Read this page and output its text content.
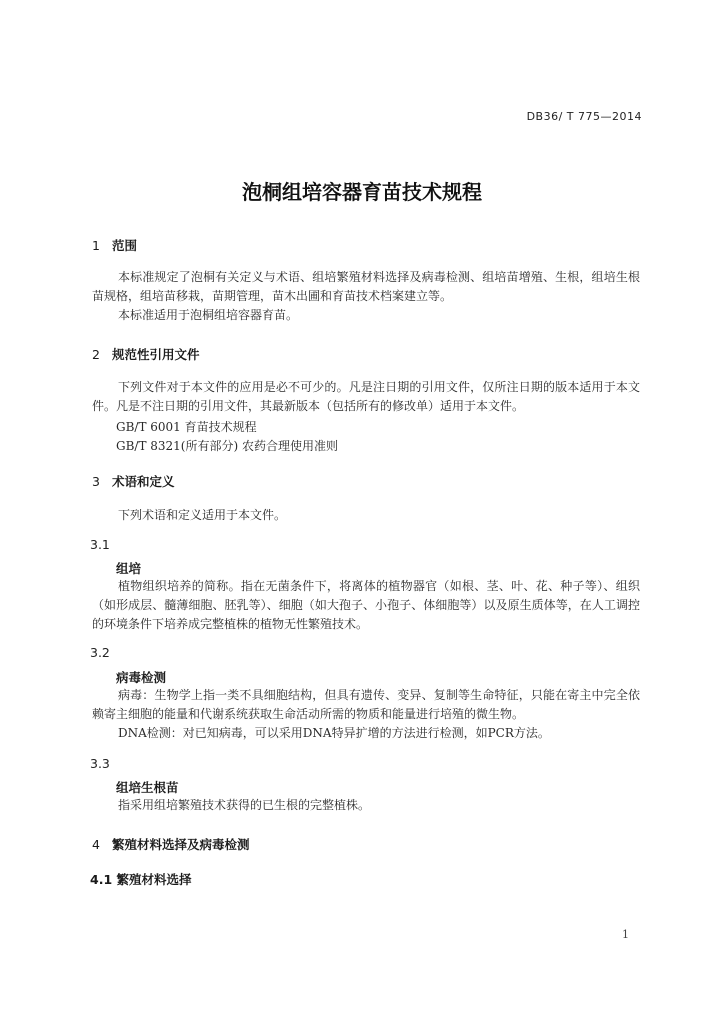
DB36/ T 775—2014
泡桐组培容器育苗技术规程
1 范围

本标准规定了泡桐有关定义与术语、组培繁殖材料选择及病毒检测、组培苗增殖、生根，组培生根苗规格，组培苗移栽，苗期管理，苗木出圃和育苗技术档案建立等。

本标准适用于泡桐组培容器育苗。

2 规范性引用文件

下列文件对于本文件的应用是必不可少的。凡是注日期的引用文件，仅所注日期的版本适用于本文件。凡是不注日期的引用文件，其最新版本（包括所有的修改单）适用于本文件。

GB/T 6001 育苗技术规程
GB/T 8321(所有部分) 农药合理使用准则
3 术语和定义

下列术语和定义适用于本文件。

3.1
组培

植物组织培养的简称。指在无菌条件下，将离体的植物器官（如根、茎、叶、花、种子等）、组织（如形成层、髓薄细胞、胚乳等）、细胞（如大孢子、小孢子、体细胞等）以及原生质体等，在人工调控的环境条件下培养成完整植株的植物无性繁殖技术。

3.2
病毒检测

病毒：生物学上指一类不具细胞结构，但具有遗传、变异、复制等生命特征，只能在寄主中完全依赖寄主细胞的能量和代谢系统获取生命活动所需的物质和能量进行培殖的微生物。

DNA检测：对已知病毒，可以采用DNA特异扩增的方法进行检测，如PCR方法。

3.3
组培生根苗

指采用组培繁殖技术获得的已生根的完整植株。

4 繁殖材料选择及病毒检测
4.1 繁殖材料选择
1
